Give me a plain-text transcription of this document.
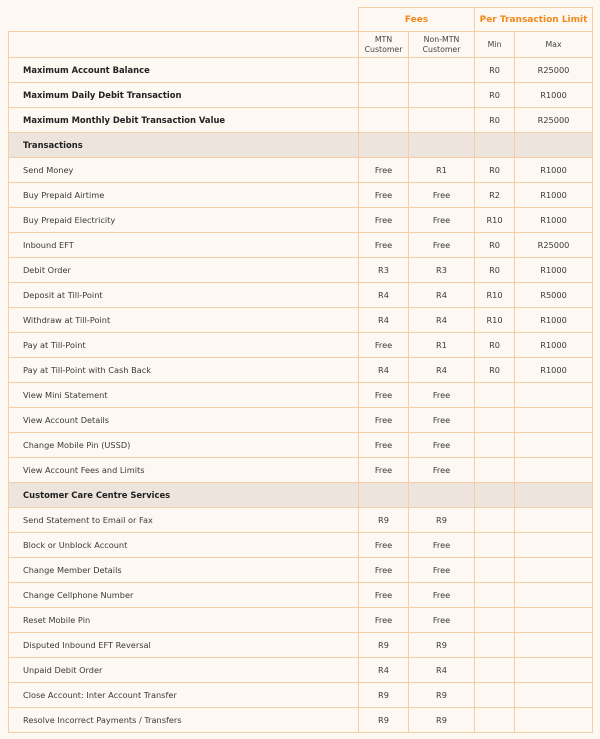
	Fees		Per Transaction Limit	
	MTN Customer	Non-MTN Customer	Min	Max
Maximum Account Balance			R0	R25000
Maximum Daily Debit Transaction			R0	R1000
Maximum Monthly Debit Transaction Value			R0	R25000
Transactions				
Send Money	Free	R1	R0	R1000
Buy Prepaid Airtime	Free	Free	R2	R1000
Buy Prepaid Electricity	Free	Free	R10	R1000
Inbound EFT	Free	Free	R0	R25000
Debit Order	R3	R3	R0	R1000
Deposit at Till-Point	R4	R4	R10	R5000
Withdraw at Till-Point	R4	R4	R10	R1000
Pay at Till-Point	Free	R1	R0	R1000
Pay at Till-Point with Cash Back	R4	R4	R0	R1000
View Mini Statement	Free	Free		
View Account Details	Free	Free		
Change Mobile Pin (USSD)	Free	Free		
View Account Fees and Limits	Free	Free		
Customer Care Centre Services				
Send Statement to Email or Fax	R9	R9		
Block or Unblock Account	Free	Free		
Change Member Details	Free	Free		
Change Cellphone Number	Free	Free		
Reset Mobile Pin	Free	Free		
Disputed Inbound EFT Reversal	R9	R9		
Unpaid Debit Order	R4	R4		
Close Account: Inter Account Transfer	R9	R9		
Resolve Incorrect Payments / Transfers	R9	R9		
